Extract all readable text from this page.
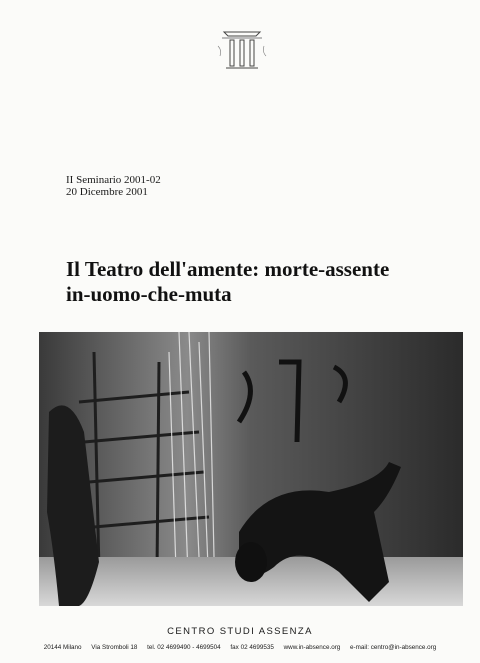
II Seminario 2001-02
20 Dicembre 2001
Il Teatro dell'amente: morte-assente
in-uomo-che-muta
CENTRO STUDI ASSENZA
20144 Milano Via Stromboli 18 tel. 02 4699490 - 4699504 fax 02 4699535 www.in-absence.org e-mail: centro@in-absence.org
